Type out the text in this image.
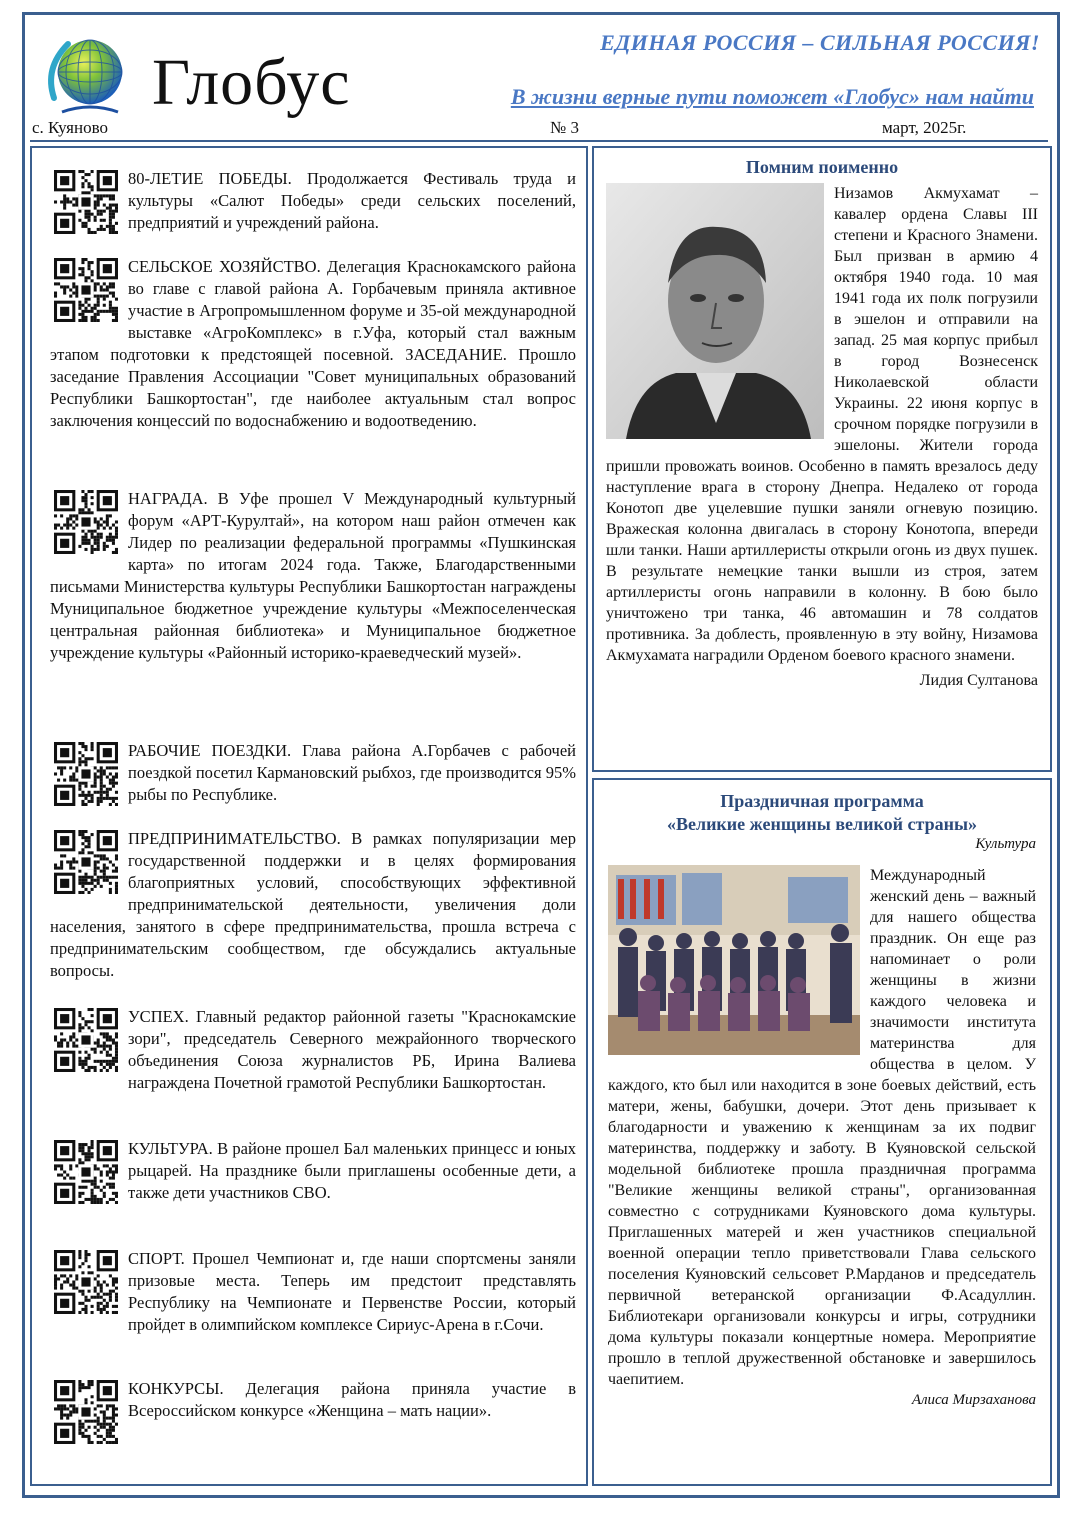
Глобус
ЕДИНАЯ РОССИЯ – СИЛЬНАЯ РОССИЯ!
В жизни верные пути поможет «Глобус» нам найти
с. Куяново	№ 3	март, 2025г.
80-ЛЕТИЕ ПОБЕДЫ. Продолжается Фестиваль труда и культуры «Салют Победы» среди сельских поселений, предприятий и учреждений района.
СЕЛЬСКОЕ ХОЗЯЙСТВО. Делегация Краснокамского района во главе с главой района А. Горбачевым приняла активное участие в Агропромышленном форуме и 35-ой международной выставке «АгроКомплекс» в г.Уфа, который стал важным этапом подготовки к предстоящей посевной. ЗАСЕДАНИЕ. Прошло заседание Правления Ассоциации "Совет муниципальных образований Республики Башкортостан", где наиболее актуальным стал вопрос заключения концессий по водоснабжению и водоотведению.
НАГРАДА. В Уфе прошел V Международный культурный форум «АРТ-Курултай», на котором наш район отмечен как Лидер по реализации федеральной программы «Пушкинская карта» по итогам 2024 года. Также, Благодарственными письмами Министерства культуры Республики Башкортостан награждены Муниципальное бюджетное учреждение культуры «Межпоселенческая центральная районная библиотека» и Муниципальное бюджетное учреждение культуры «Районный историко-краеведческий музей».
РАБОЧИЕ ПОЕЗДКИ. Глава района А.Горбачев с рабочей поездкой посетил Кармановский рыбхоз, где производится 95% рыбы по Республике.
ПРЕДПРИНИМАТЕЛЬСТВО. В рамках популяризации мер государственной поддержки и в целях формирования благоприятных условий, способствующих эффективной предпринимательской деятельности, увеличения доли населения, занятого в сфере предпринимательства, прошла встреча с предпринимательским сообществом, где обсуждались актуальные вопросы.
УСПЕХ. Главный редактор районной газеты "Краснокамские зори", председатель Северного межрайонного творческого объединения Союза журналистов РБ, Ирина Валиева награждена Почетной грамотой Республики Башкортостан.
КУЛЬТУРА. В районе прошел Бал маленьких принцесс и юных рыцарей. На празднике были приглашены особенные дети, а также дети участников СВО.
СПОРТ. Прошел Чемпионат и, где наши спортсмены заняли призовые места. Теперь им предстоит представлять Республику на Чемпионате и Первенстве России, который пройдет в олимпийском комплексе Сириус-Арена в г.Сочи.
КОНКУРСЫ. Делегация района приняла участие в Всероссийском конкурсе «Женщина – мать нации».
Помним поименно
Низамов Акмухамат – кавалер ордена Славы III степени и Красного Знамени. Был призван в армию 4 октября 1940 года. 10 мая 1941 года их полк погрузили в эшелон и отправили на запад. 25 мая корпус прибыл в город Вознесенск Николаевской области Украины. 22 июня корпус в срочном порядке погрузили в эшелоны. Жители города пришли провожать воинов. Особенно в память врезалось деду наступление врага в сторону Днепра. Недалеко от города Конотоп две уцелевшие пушки заняли огневую позицию. Вражеская колонна двигалась в сторону Конотопа, впереди шли танки. Наши артиллеристы открыли огонь из двух пушек. В результате немецкие танки вышли из строя, затем артиллеристы огонь направили в колонну. В бою было уничтожено три танка, 46 автомашин и 78 солдатов противника. За доблесть, проявленную в эту войну, Низамова Акмухамата наградили Орденом боевого красного знамени.
Лидия Султанова
Праздничная программа
«Великие женщины великой страны»
Культура
Международный женский день – важный для нашего общества праздник. Он еще раз напоминает о роли женщины в жизни каждого человека и значимости института материнства для общества в целом. У каждого, кто был или находится в зоне боевых действий, есть матери, жены, бабушки, дочери. Этот день призывает к благодарности и уважению к женщинам за их подвиг материнства, поддержку и заботу. В Куяновской сельской модельной библиотеке прошла праздничная программа "Великие женщины великой страны", организованная совместно с сотрудниками Куяновского дома культуры. Приглашенных матерей и жен участников специальной военной операции тепло приветствовали Глава сельского поселения Куяновский сельсовет Р.Марданов и председатель первичной ветеранской организации Ф.Асадуллин. Библиотекари организовали конкурсы и игры, сотрудники дома культуры показали концертные номера. Мероприятие прошло в теплой дружественной обстановке и завершилось чаепитием.
Алиса Мирзаханова
